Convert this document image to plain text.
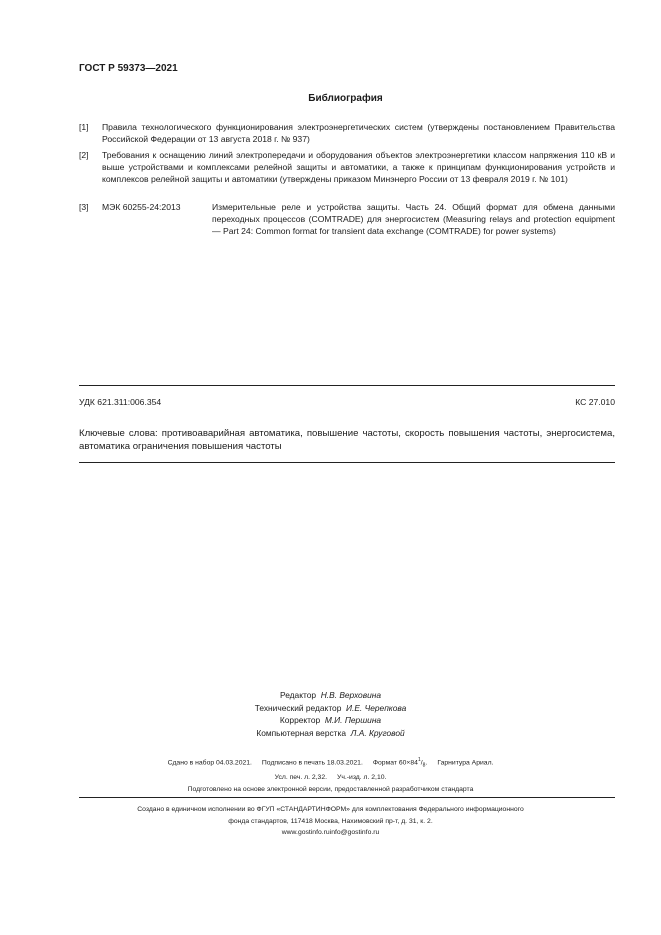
ГОСТ Р 59373—2021
Библиография
[1] Правила технологического функционирования электроэнергетических систем (утверждены постановлением Правительства Российской Федерации от 13 августа 2018 г. № 937)
[2] Требования к оснащению линий электропередачи и оборудования объектов электроэнергетики классом напряжения 110 кВ и выше устройствами и комплексами релейной защиты и автоматики, а также к принципам функционирования устройств и комплексов релейной защиты и автоматики (утверждены приказом Минэнерго России от 13 февраля 2019 г. № 101)
[3] МЭК 60255-24:2013	Измерительные реле и устройства защиты. Часть 24. Общий формат для обмена данными переходных процессов (COMTRADE) для энергосистем (Measuring relays and protection equipment — Part 24: Common format for transient data exchange (COMTRADE) for power systems)
УДК 621.311:006.354	КС 27.010
Ключевые слова: противоаварийная автоматика, повышение частоты, скорость повышения частоты, энергосистема, автоматика ограничения повышения частоты
Редактор Н.В. Верховина
Технический редактор И.Е. Черепкова
Корректор М.И. Першина
Компьютерная верстка Л.А. Круговой
Сдано в набор 04.03.2021. Подписано в печать 18.03.2021. Формат $60\times 84^1/_8$. Гарнитура Ариал.
Усл. печ. л. 2,32. Уч.-изд. л. 2,10.
Подготовлено на основе электронной версии, предоставленной разработчиком стандарта
Создано в единичном исполнении во ФГУП «СТАНДАРТИНФОРМ» для комплектования Федерального информационного
фонда стандартов, 117418 Москва, Нахимовский пр-т, д. 31, к. 2.
www.gostinfo.ruinfo@gostinfo.ru
